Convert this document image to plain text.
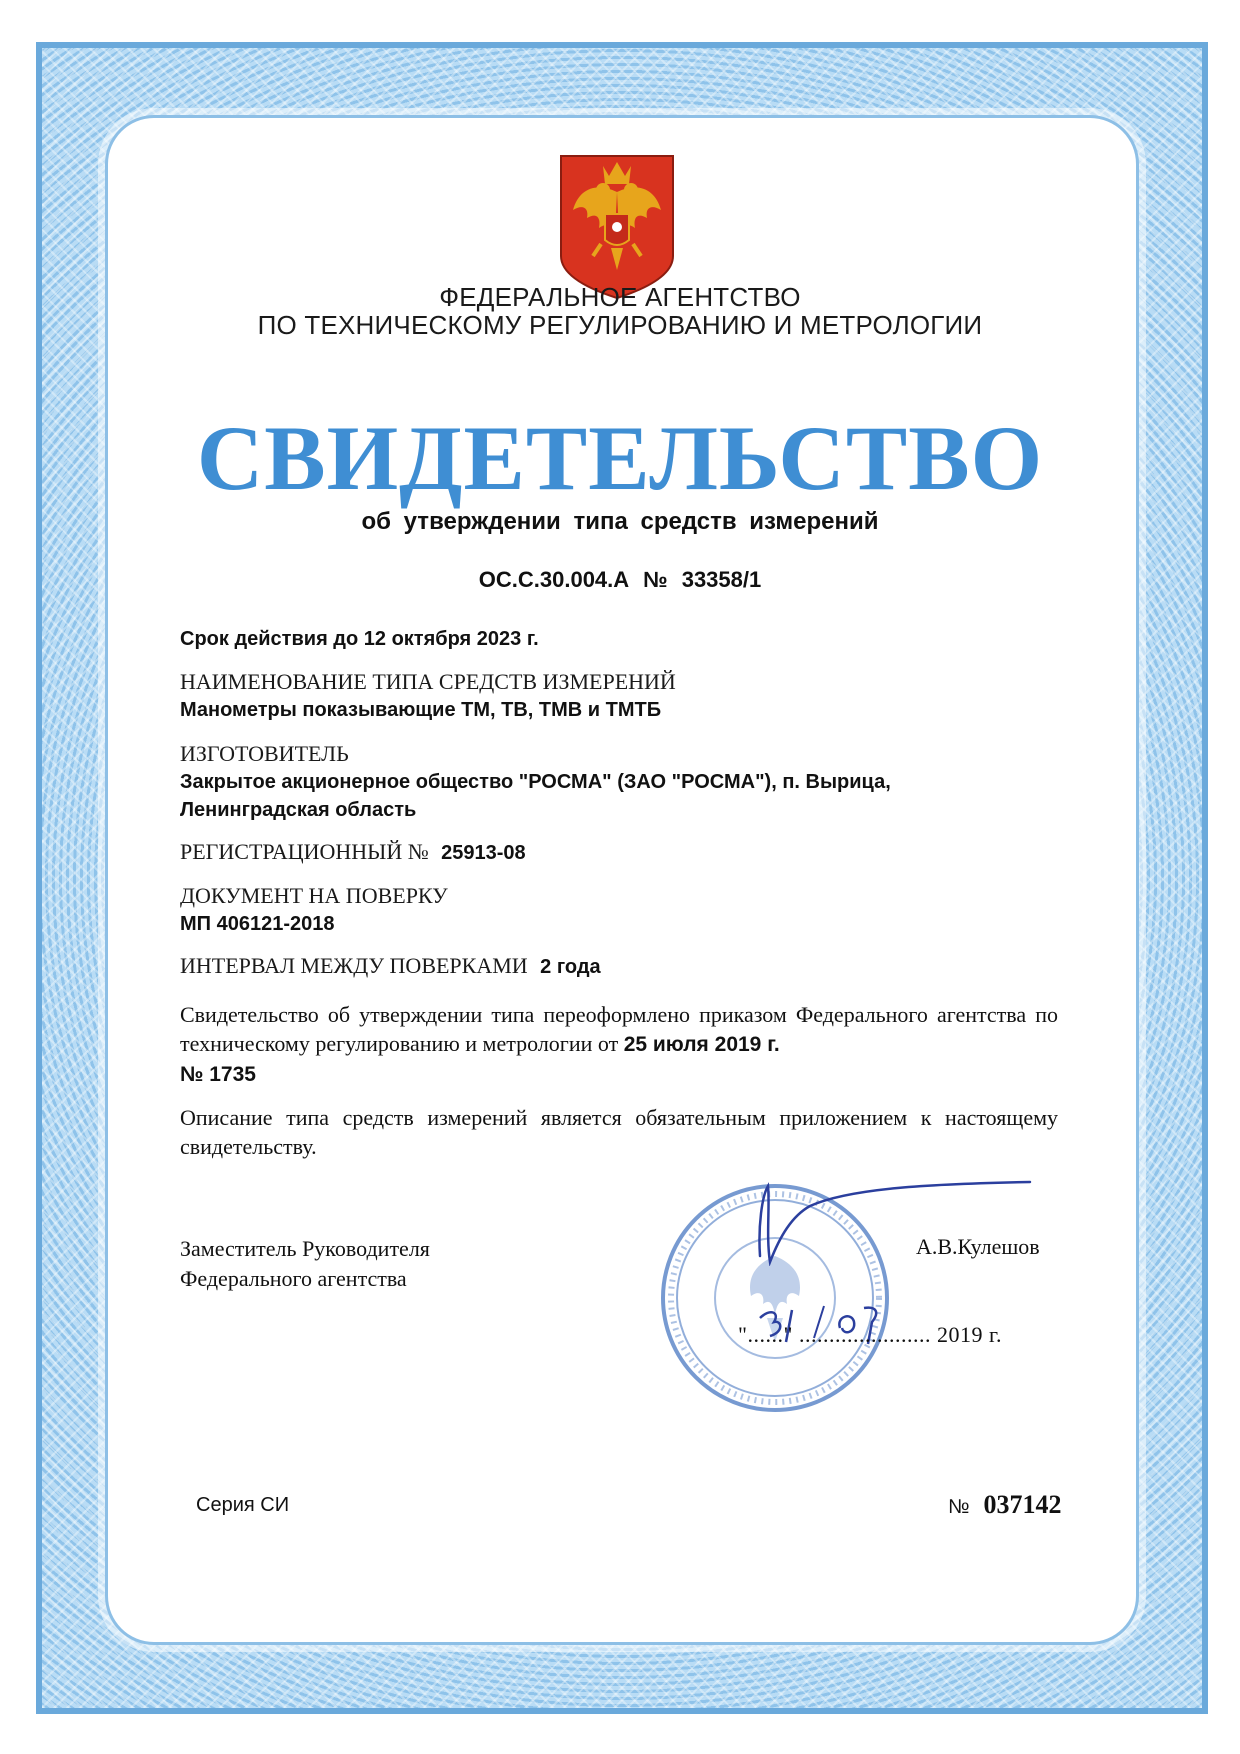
ФЕДЕРАЛЬНОЕ АГЕНТСТВО
ПО ТЕХНИЧЕСКОМУ РЕГУЛИРОВАНИЮ И МЕТРОЛОГИИ
СВИДЕТЕЛЬСТВО
об утверждении типа средств измерений
ОС.С.30.004.А № 33358/1

Срок действия до 12 октября 2023 г.

НАИМЕНОВАНИЕ ТИПА СРЕДСТВ ИЗМЕРЕНИЙ

Манометры показывающие ТМ, ТВ, ТМВ и ТМТБ

ИЗГОТОВИТЕЛЬ

Закрытое акционерное общество "РОСМА" (ЗАО "РОСМА"), п. Вырица,

Ленинградская область

РЕГИСТРАЦИОННЫЙ № 25913-08

ДОКУМЕНТ НА ПОВЕРКУ

МП 406121-2018

ИНТЕРВАЛ МЕЖДУ ПОВЕРКАМИ 2 года

Свидетельство об утверждении типа переоформлено приказом Федерального агентства по техническому регулированию и метрологии от 25 июля 2019 г.
№ 1735
Описание типа средств измерений является обязательным приложением к настоящему свидетельству.
Заместитель Руководителя
Федерального агентства
А.В.Кулешов
"......" ...................... 2019 г.
Серия СИ	№ 037142
